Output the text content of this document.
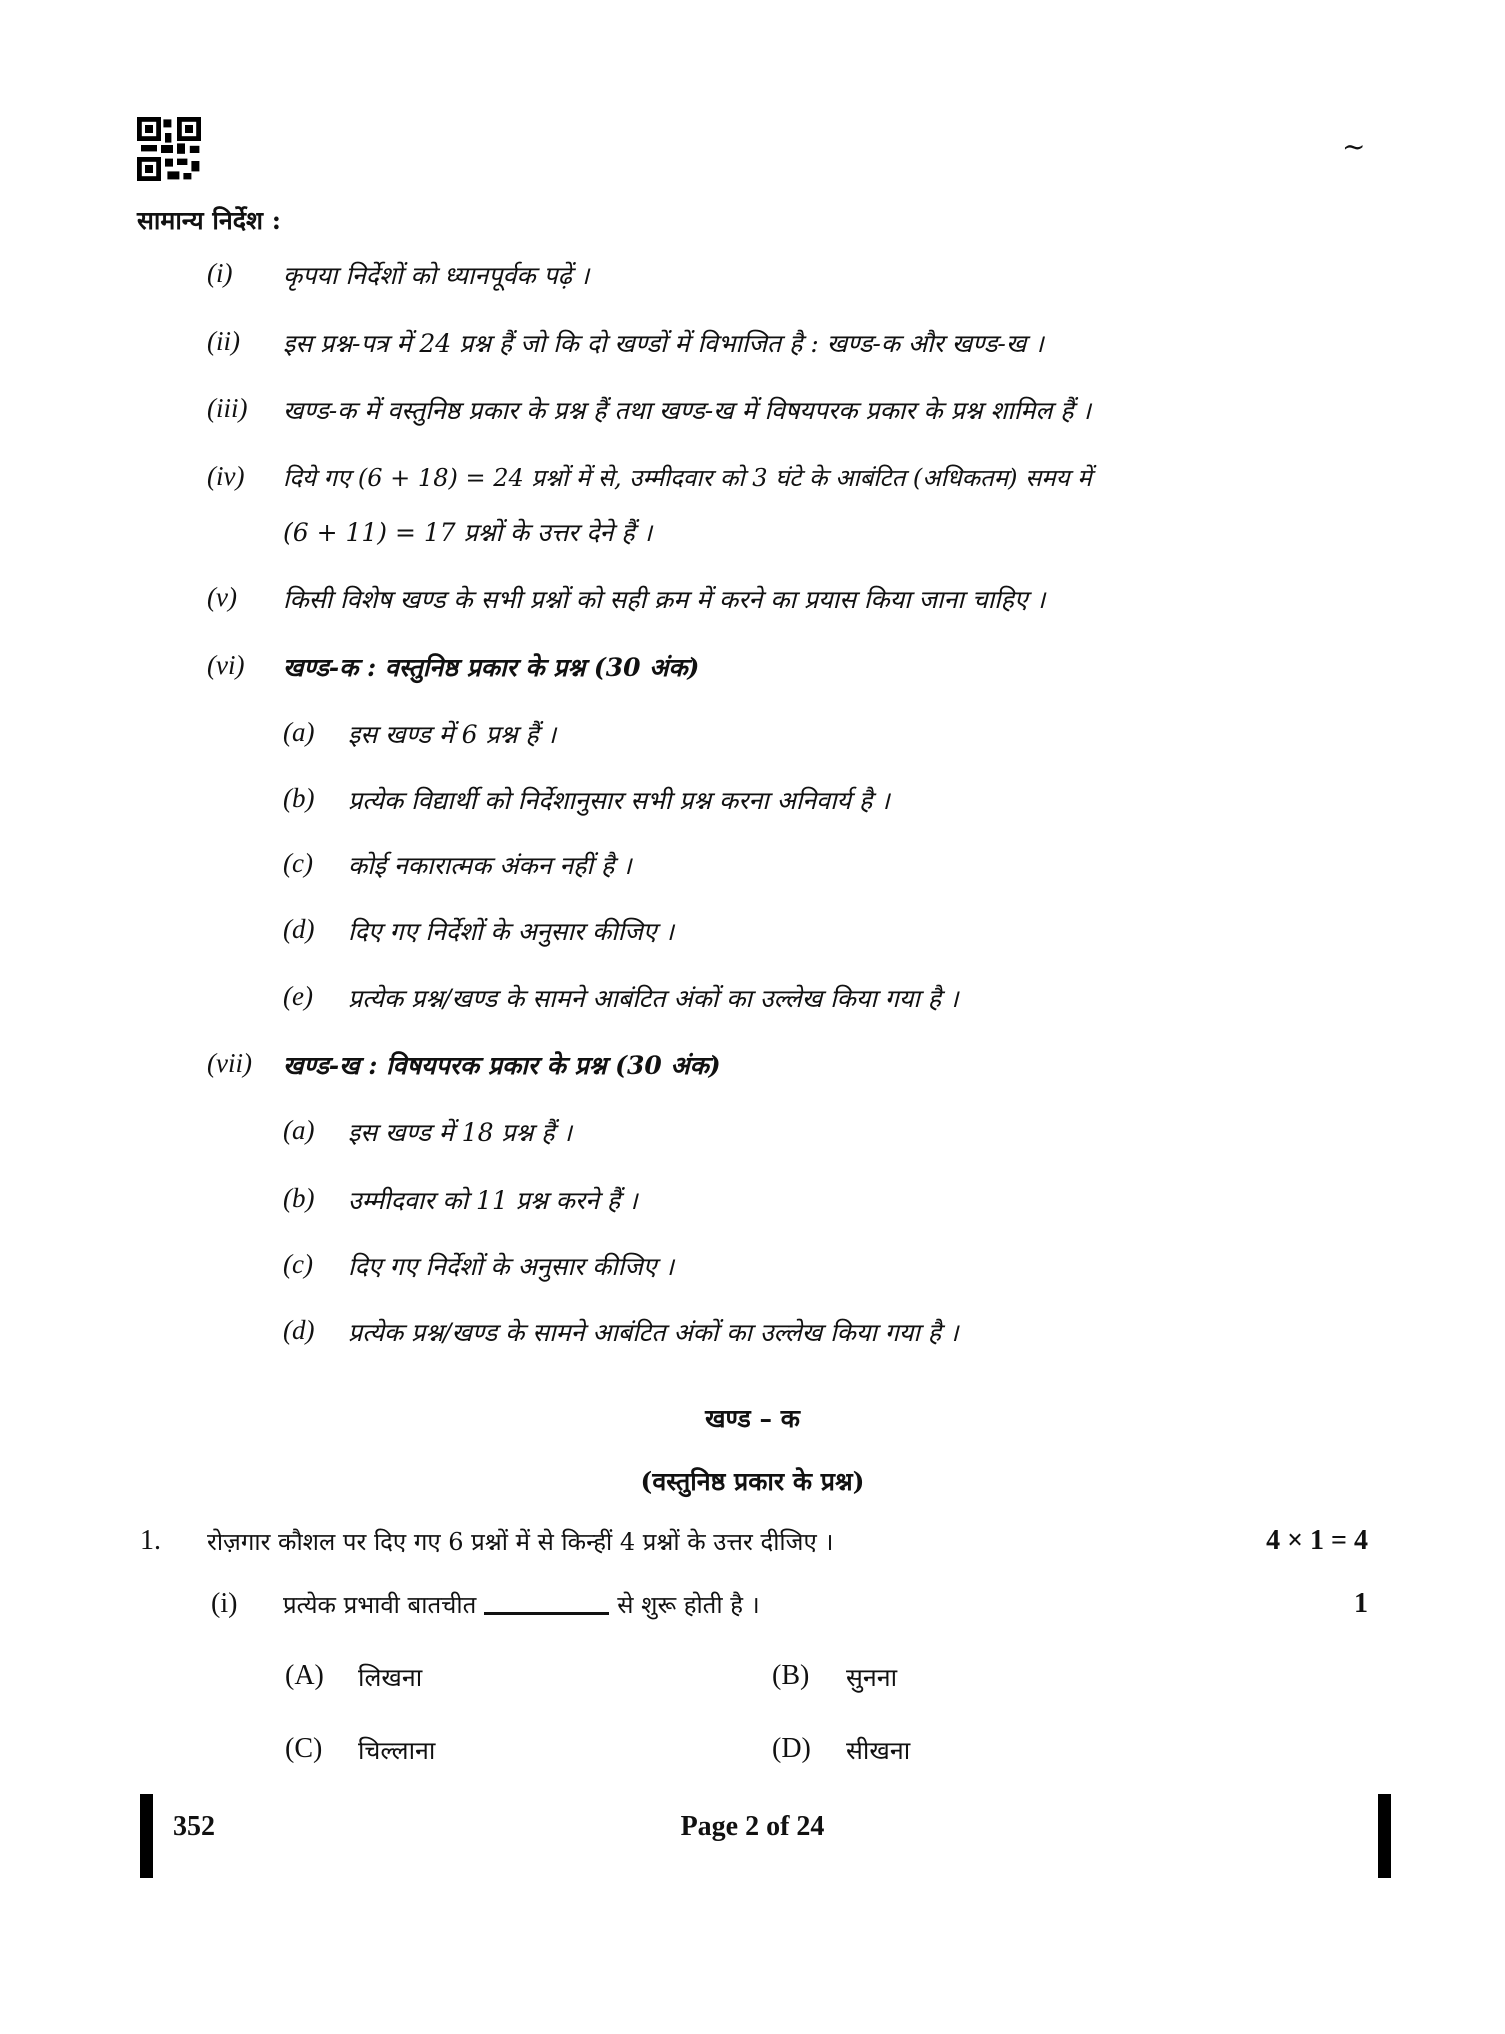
~
सामान्य निर्देश :
(i) कृपया निर्देशों को ध्यानपूर्वक पढ़ें ।
(ii) इस प्रश्न-पत्र में 24 प्रश्न हैं जो कि दो खण्डों में विभाजित है : खण्ड-क और खण्ड-ख ।
(iii) खण्ड-क में वस्तुनिष्ठ प्रकार के प्रश्न हैं तथा खण्ड-ख में विषयपरक प्रकार के प्रश्न शामिल हैं ।
(iv) दिये गए (6 + 18) = 24 प्रश्नों में से, उम्मीदवार को 3 घंटे के आबंटित (अधिकतम) समय में
(6 + 11) = 17 प्रश्नों के उत्तर देने हैं ।
(v) किसी विशेष खण्ड के सभी प्रश्नों को सही क्रम में करने का प्रयास किया जाना चाहिए ।
(vi) खण्ड-क : वस्तुनिष्ठ प्रकार के प्रश्न (30 अंक)
(a) इस खण्ड में 6 प्रश्न हैं ।
(b) प्रत्येक विद्यार्थी को निर्देशानुसार सभी प्रश्न करना अनिवार्य है ।
(c) कोई नकारात्मक अंकन नहीं है ।
(d) दिए गए निर्देशों के अनुसार कीजिए ।
(e) प्रत्येक प्रश्न/खण्ड के सामने आबंटित अंकों का उल्लेख किया गया है ।
(vii) खण्ड-ख : विषयपरक प्रकार के प्रश्न (30 अंक)
(a) इस खण्ड में 18 प्रश्न हैं ।
(b) उम्मीदवार को 11 प्रश्न करने हैं ।
(c) दिए गए निर्देशों के अनुसार कीजिए ।
(d) प्रत्येक प्रश्न/खण्ड के सामने आबंटित अंकों का उल्लेख किया गया है ।
खण्ड – क
(वस्तुनिष्ठ प्रकार के प्रश्न)
1. रोज़गार कौशल पर दिए गए 6 प्रश्नों में से किन्हीं 4 प्रश्नों के उत्तर दीजिए ।	4 × 1 = 4
(i) प्रत्येक प्रभावी बातचीत	से शुरू होती है ।	1
(A) लिखना	(B) सुनना
(C) चिल्लाना	(D) सीखना
352	Page 2 of 24
